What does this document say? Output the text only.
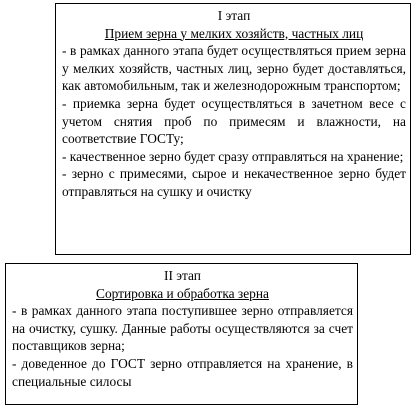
I этап

Прием зерна у мелких хозяйств, частных лиц

- в рамках данного этапа будет осуществляться прием зерна у мелких хозяйств, частных лиц, зерно будет доставляться, как автомобильным, так и железнодорожным транспортом;
- приемка зерна будет осуществляться в зачетном весе с учетом снятия проб по примесям и влажности, на соответствие ГОСТу;
- качественное зерно будет сразу отправляться на хранение;
- зерно с примесями, сырое и некачественное зерно будет отправляться на сушку и очистку

II этап

Сортировка и обработка зерна

- в рамках данного этапа поступившее зерно отправляется на очистку, сушку. Данные работы осуществляются за счет поставщиков зерна;
- доведенное до ГОСТ зерно отправляется на хранение, в специальные силосы
